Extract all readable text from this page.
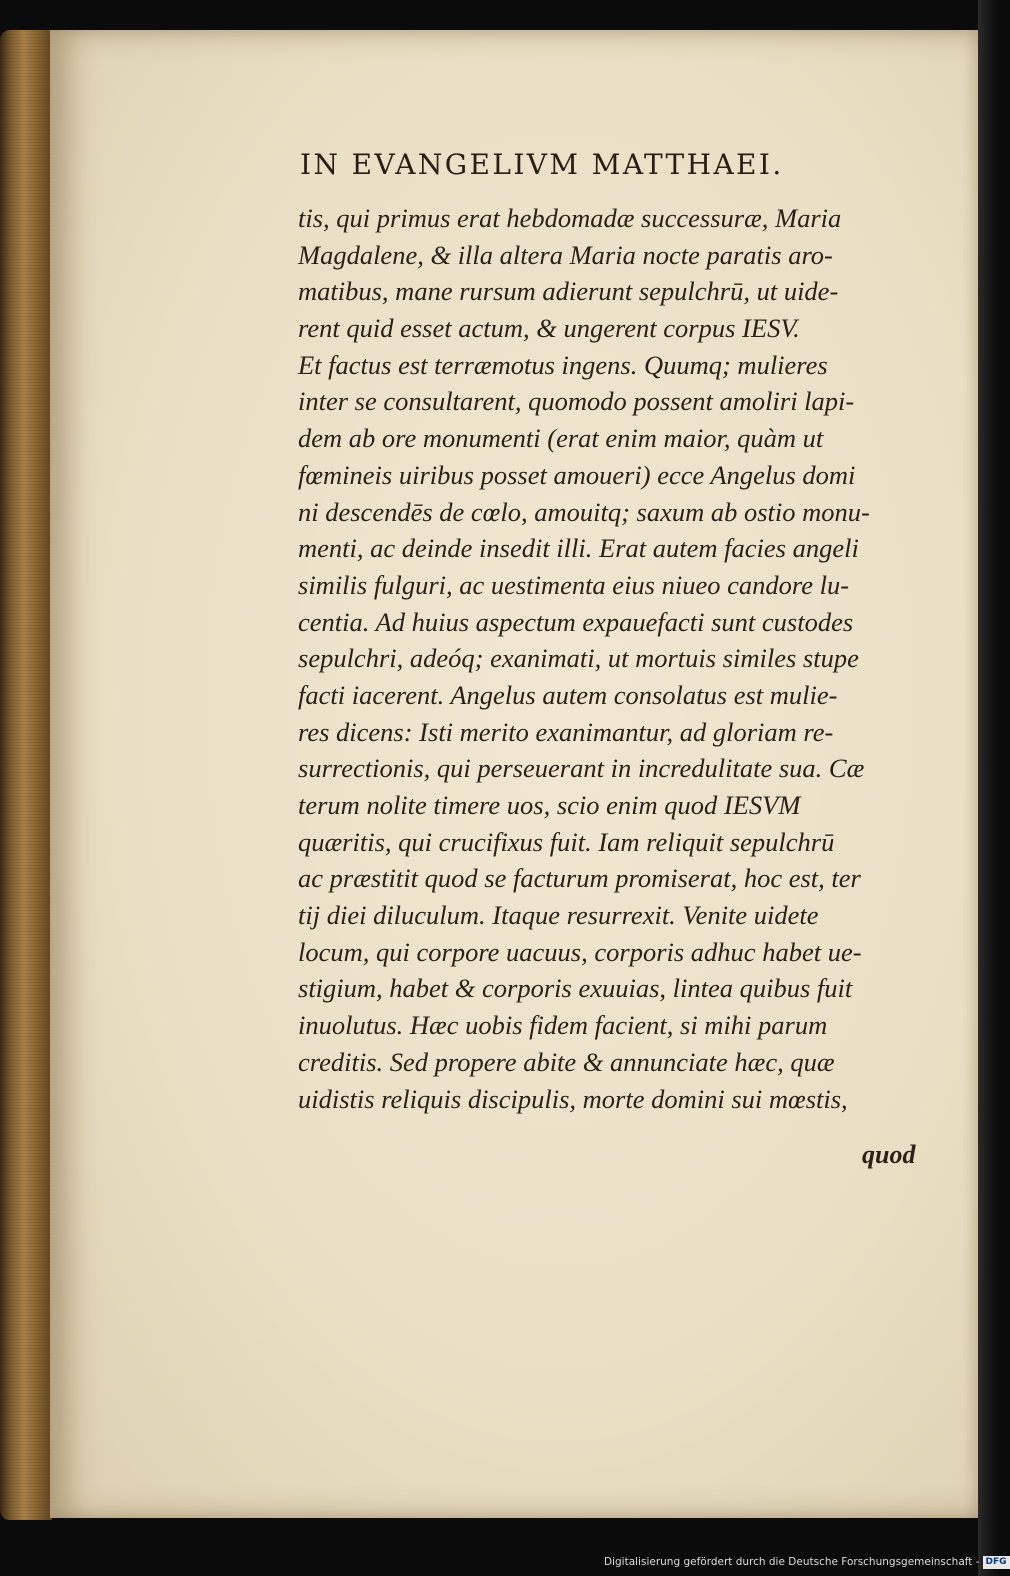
IN EVANGELIVM MATTHAEI.
tis, qui primus erat hebdomadæ successuræ, Maria
Magdalene, & illa altera Maria nocte paratis aro-
matibus, mane rursum adierunt sepulchrū, ut uide-
rent quid esset actum, & ungerent corpus IESV.
Et factus est terræmotus ingens. Quumq; mulieres
inter se consultarent, quomodo possent amoliri lapi-
dem ab ore monumenti (erat enim maior, quàm ut
fœmineis uiribus posset amoueri) ecce Angelus domi
ni descendēs de cœlo, amouitq; saxum ab ostio monu-
menti, ac deinde insedit illi. Erat autem facies angeli
similis fulguri, ac uestimenta eius niueo candore lu-
centia. Ad huius aspectum expauefacti sunt custodes
sepulchri, adeóq; exanimati, ut mortuis similes stupe
facti iacerent. Angelus autem consolatus est mulie-
res dicens: Isti merito exanimantur, ad gloriam re-
surrectionis, qui perseuerant in incredulitate sua. Cæ
terum nolite timere uos, scio enim quod IESVM
quæritis, qui crucifixus fuit. Iam reliquit sepulchrū
ac præstitit quod se facturum promiserat, hoc est, ter
tij diei diluculum. Itaque resurrexit. Venite uidete
locum, qui corpore uacuus, corporis adhuc habet ue-
stigium, habet & corporis exuuias, lintea quibus fuit
inuolutus. Hæc uobis fidem facient, si mihi parum
creditis. Sed propere abite & annunciate hæc, quæ
uidistis reliquis discipulis, morte domini sui mœstis,
quod
Digitalisierung gefördert durch die Deutsche Forschungsgemeinschaft - DFG
